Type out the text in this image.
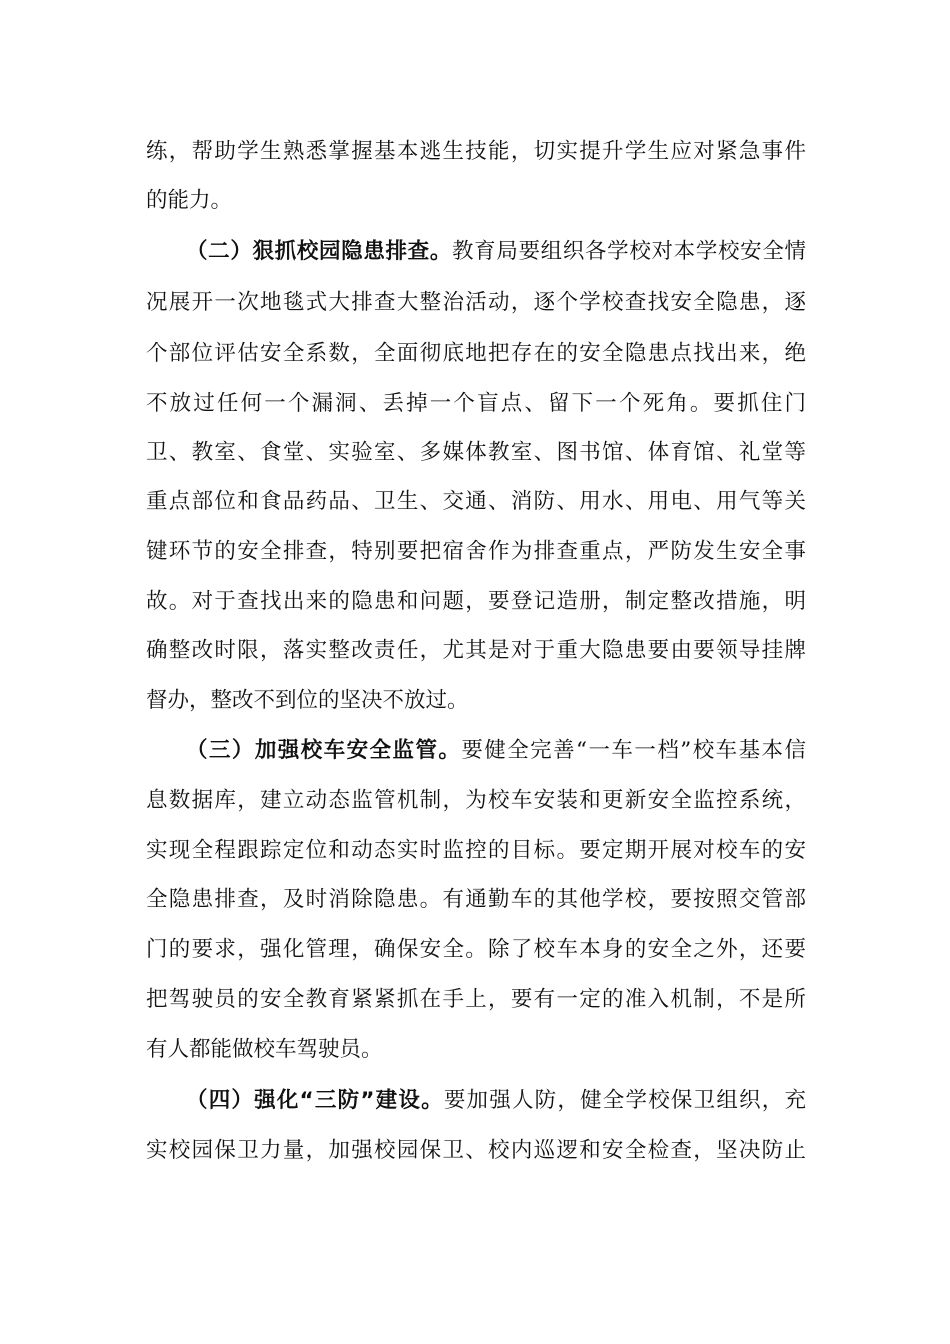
练，帮助学生熟悉掌握基本逃生技能，切实提升学生应对紧急事件
的能力。
（二）狠抓校园隐患排查。教育局要组织各学校对本学校安全情
况展开一次地毯式大排查大整治活动，逐个学校查找安全隐患，逐
个部位评估安全系数，全面彻底地把存在的安全隐患点找出来，绝
不放过任何一个漏洞、丢掉一个盲点、留下一个死角。要抓住门
卫、教室、食堂、实验室、多媒体教室、图书馆、体育馆、礼堂等
重点部位和食品药品、卫生、交通、消防、用水、用电、用气等关
键环节的安全排查，特别要把宿舍作为排查重点，严防发生安全事
故。对于查找出来的隐患和问题，要登记造册，制定整改措施，明
确整改时限，落实整改责任，尤其是对于重大隐患要由要领导挂牌
督办，整改不到位的坚决不放过。
（三）加强校车安全监管。要健全完善“一车一档”校车基本信
息数据库，建立动态监管机制，为校车安装和更新安全监控系统，
实现全程跟踪定位和动态实时监控的目标。要定期开展对校车的安
全隐患排查，及时消除隐患。有通勤车的其他学校，要按照交管部
门的要求，强化管理，确保安全。除了校车本身的安全之外，还要
把驾驶员的安全教育紧紧抓在手上，要有一定的准入机制，不是所
有人都能做校车驾驶员。
（四）强化“三防”建设。要加强人防，健全学校保卫组织，充
实校园保卫力量，加强校园保卫、校内巡逻和安全检查，坚决防止
